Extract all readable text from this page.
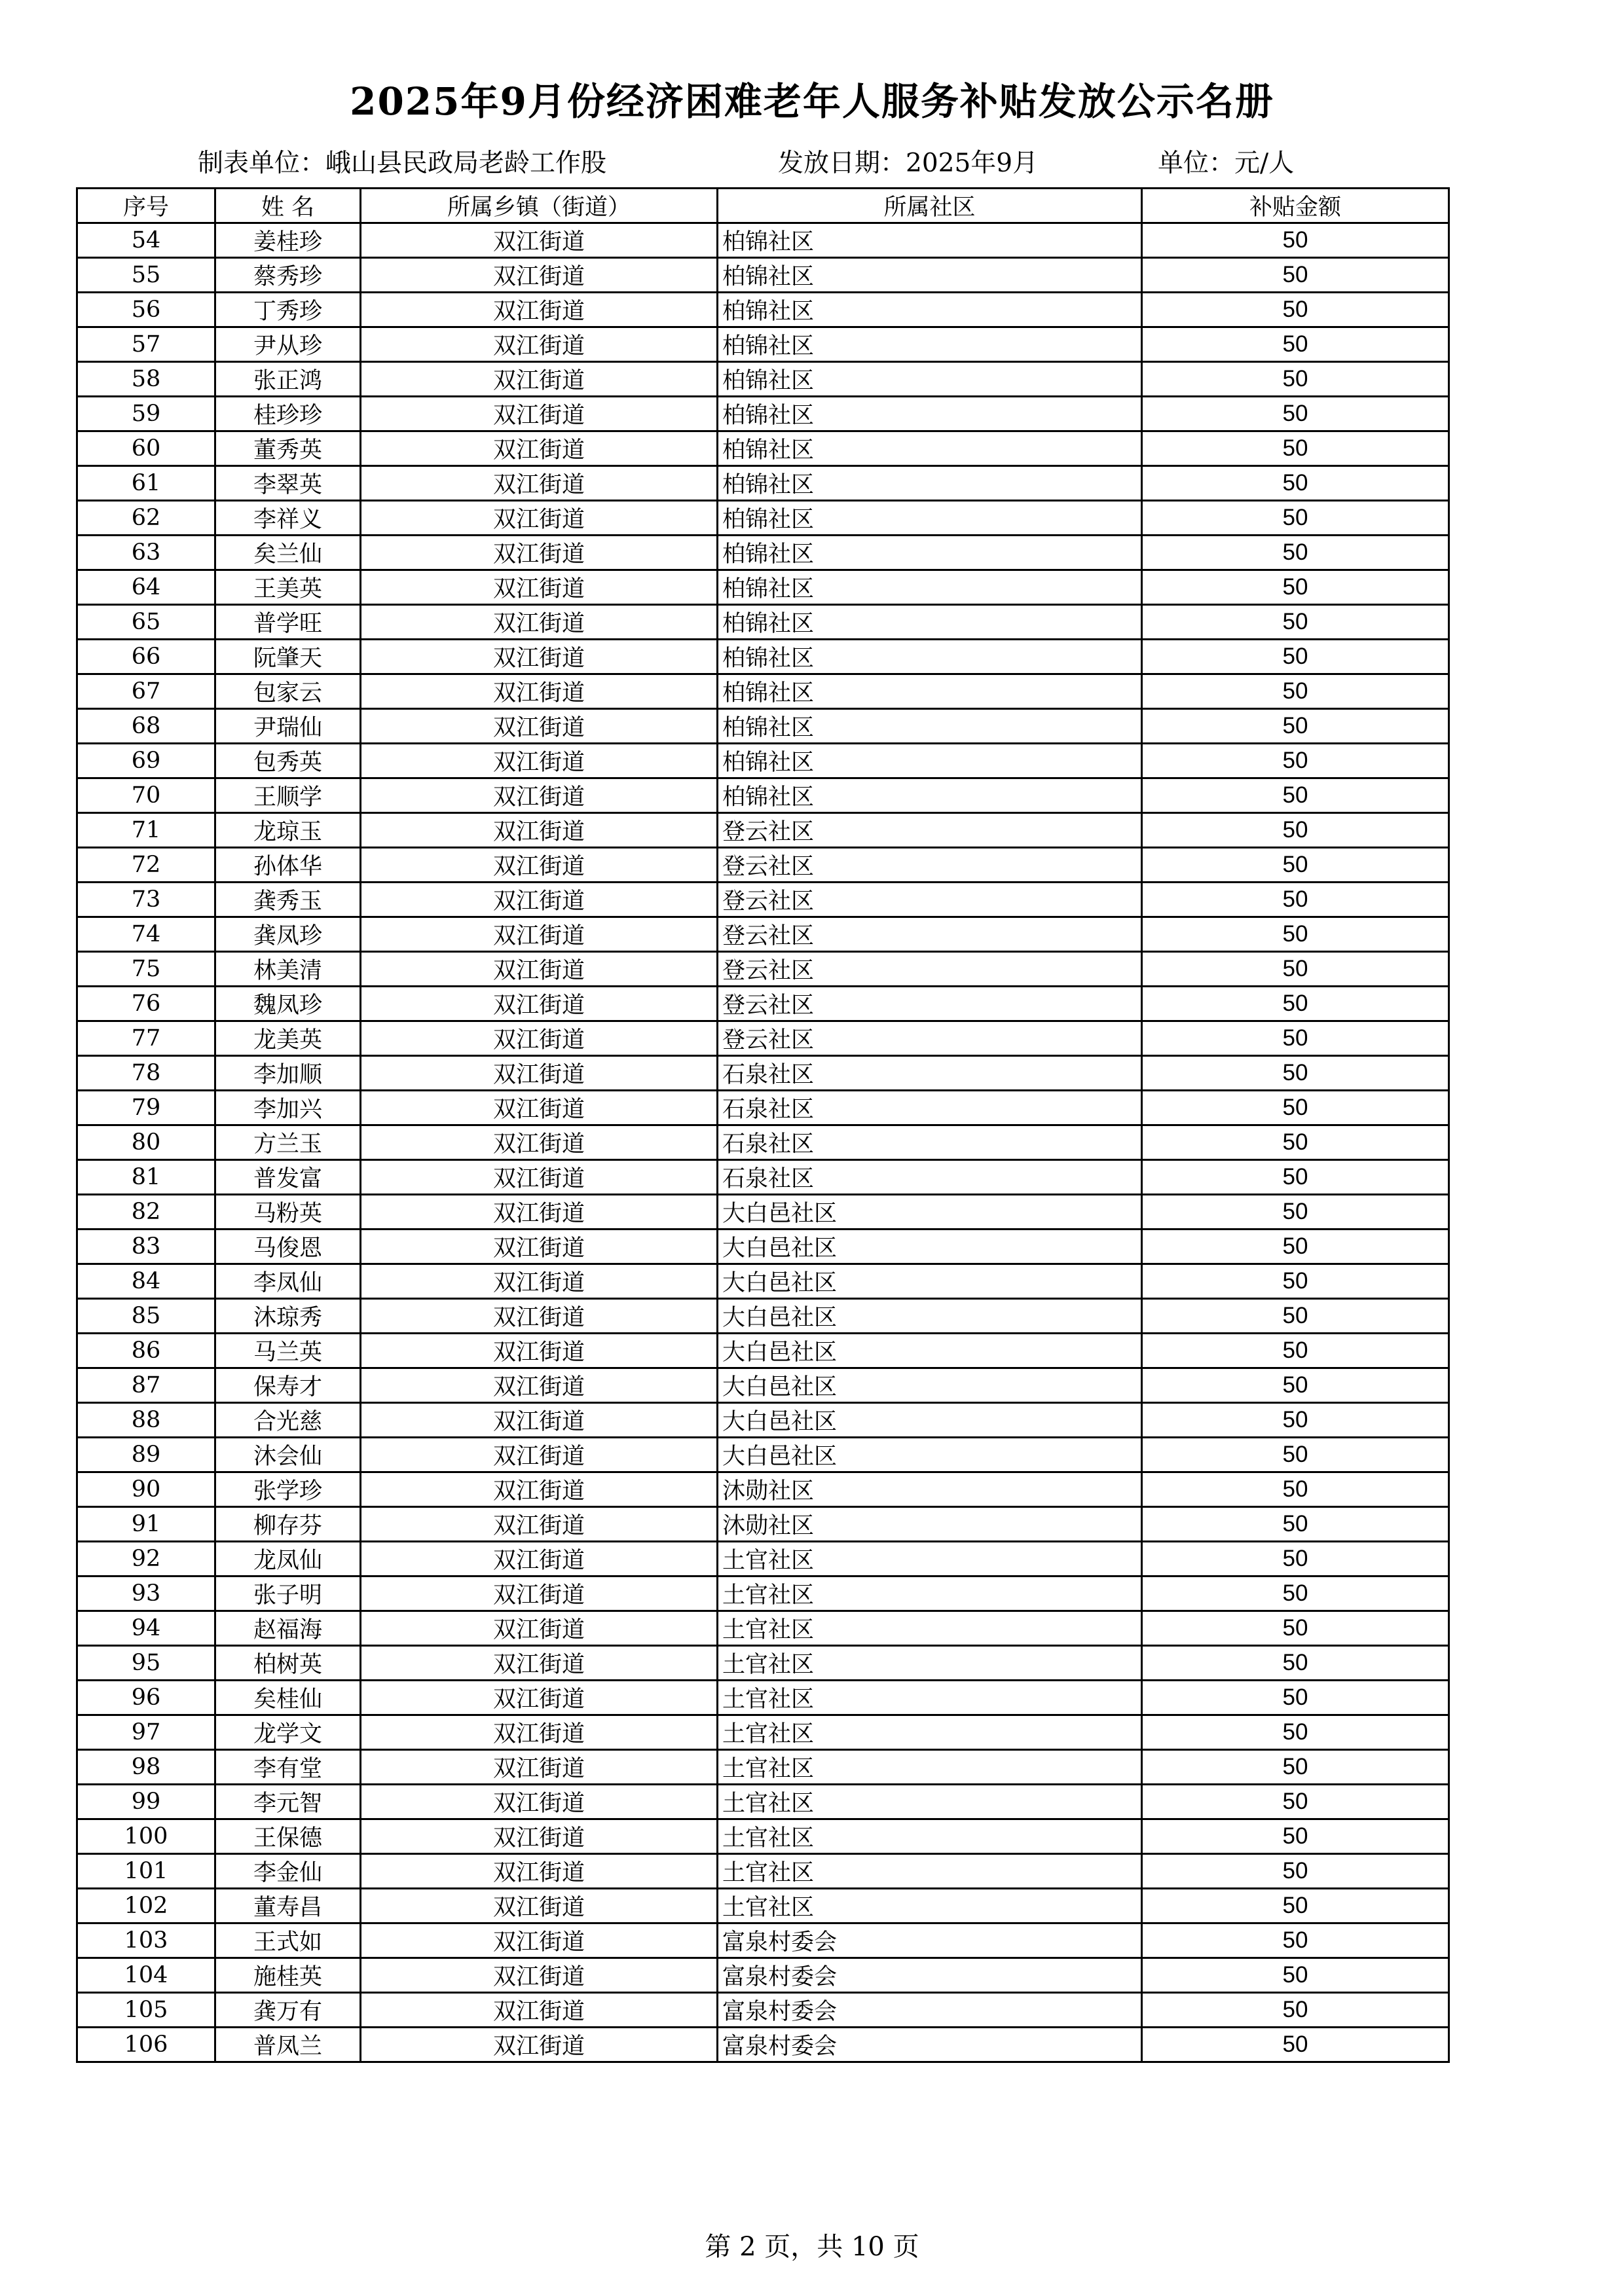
2025年9月份经济困难老年人服务补贴发放公示名册
制表单位：峨山县民政局老龄工作股	发放日期：2025年9月	单位：元/人
序号	姓 名	所属乡镇（街道）	所属社区	补贴金额
54	姜桂珍	双江街道	柏锦社区	50
55	蔡秀珍	双江街道	柏锦社区	50
56	丁秀珍	双江街道	柏锦社区	50
57	尹从珍	双江街道	柏锦社区	50
58	张正鸿	双江街道	柏锦社区	50
59	桂珍珍	双江街道	柏锦社区	50
60	董秀英	双江街道	柏锦社区	50
61	李翠英	双江街道	柏锦社区	50
62	李祥义	双江街道	柏锦社区	50
63	矣兰仙	双江街道	柏锦社区	50
64	王美英	双江街道	柏锦社区	50
65	普学旺	双江街道	柏锦社区	50
66	阮肇天	双江街道	柏锦社区	50
67	包家云	双江街道	柏锦社区	50
68	尹瑞仙	双江街道	柏锦社区	50
69	包秀英	双江街道	柏锦社区	50
70	王顺学	双江街道	柏锦社区	50
71	龙琼玉	双江街道	登云社区	50
72	孙体华	双江街道	登云社区	50
73	龚秀玉	双江街道	登云社区	50
74	龚凤珍	双江街道	登云社区	50
75	林美清	双江街道	登云社区	50
76	魏凤珍	双江街道	登云社区	50
77	龙美英	双江街道	登云社区	50
78	李加顺	双江街道	石泉社区	50
79	李加兴	双江街道	石泉社区	50
80	方兰玉	双江街道	石泉社区	50
81	普发富	双江街道	石泉社区	50
82	马粉英	双江街道	大白邑社区	50
83	马俊恩	双江街道	大白邑社区	50
84	李凤仙	双江街道	大白邑社区	50
85	沐琼秀	双江街道	大白邑社区	50
86	马兰英	双江街道	大白邑社区	50
87	保寿才	双江街道	大白邑社区	50
88	合光慈	双江街道	大白邑社区	50
89	沐会仙	双江街道	大白邑社区	50
90	张学珍	双江街道	沐勋社区	50
91	柳存芬	双江街道	沐勋社区	50
92	龙凤仙	双江街道	土官社区	50
93	张子明	双江街道	土官社区	50
94	赵福海	双江街道	土官社区	50
95	柏树英	双江街道	土官社区	50
96	矣桂仙	双江街道	土官社区	50
97	龙学文	双江街道	土官社区	50
98	李有堂	双江街道	土官社区	50
99	李元智	双江街道	土官社区	50
100	王保德	双江街道	土官社区	50
101	李金仙	双江街道	土官社区	50
102	董寿昌	双江街道	土官社区	50
103	王式如	双江街道	富泉村委会	50
104	施桂英	双江街道	富泉村委会	50
105	龚万有	双江街道	富泉村委会	50
106	普凤兰	双江街道	富泉村委会	50
第 2 页，共 10 页
